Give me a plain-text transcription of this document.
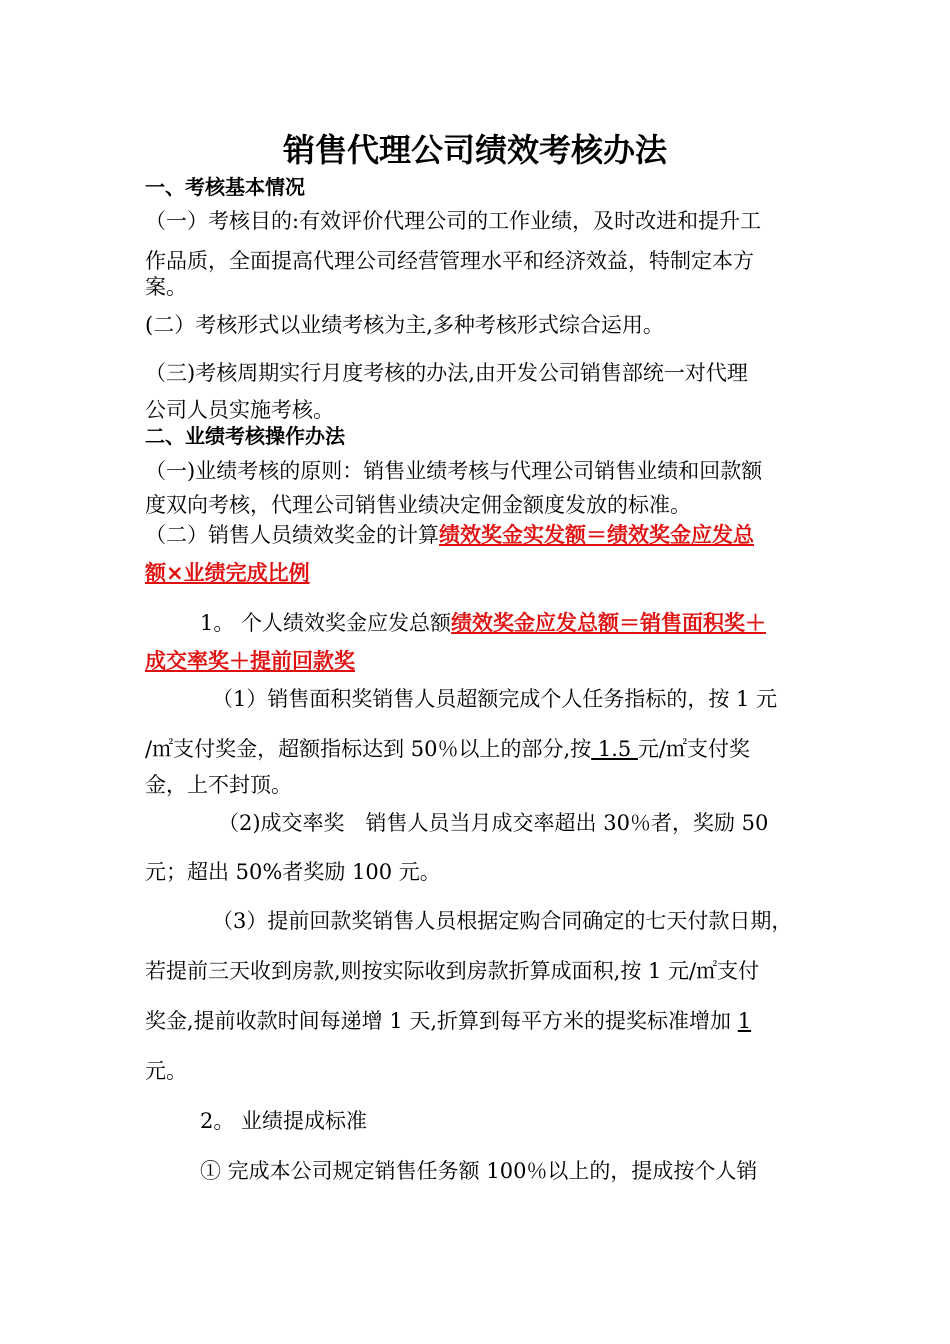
销售代理公司绩效考核办法
一、考核基本情况
（一）考核目的:有效评价代理公司的工作业绩，及时改进和提升工
作品质，全面提高代理公司经营管理水平和经济效益，特制定本方
案。
(二）考核形式以业绩考核为主,多种考核形式综合运用。
（三)考核周期实行月度考核的办法,由开发公司销售部统一对代理
公司人员实施考核。
二、业绩考核操作办法
（一)业绩考核的原则：销售业绩考核与代理公司销售业绩和回款额
度双向考核，代理公司销售业绩决定佣金额度发放的标准。
（二）销售人员绩效奖金的计算绩效奖金实发额＝绩效奖金应发总
额×业绩完成比例
1。 个人绩效奖金应发总额绩效奖金应发总额＝销售面积奖＋
成交率奖＋提前回款奖
（1）销售面积奖销售人员超额完成个人任务指标的，按 1 元
/㎡支付奖金，超额指标达到 50％以上的部分,按 1.5 元/㎡支付奖
金，上不封顶。
（2)成交率奖　销售人员当月成交率超出 30％者，奖励 50
元；超出 50%者奖励 100 元。
（3）提前回款奖销售人员根据定购合同确定的七天付款日期，
若提前三天收到房款,则按实际收到房款折算成面积,按 1 元/㎡支付
奖金,提前收款时间每递增 1 天,折算到每平方米的提奖标准增加 1
元。
2。 业绩提成标准
① 完成本公司规定销售任务额 100％以上的，提成按个人销
